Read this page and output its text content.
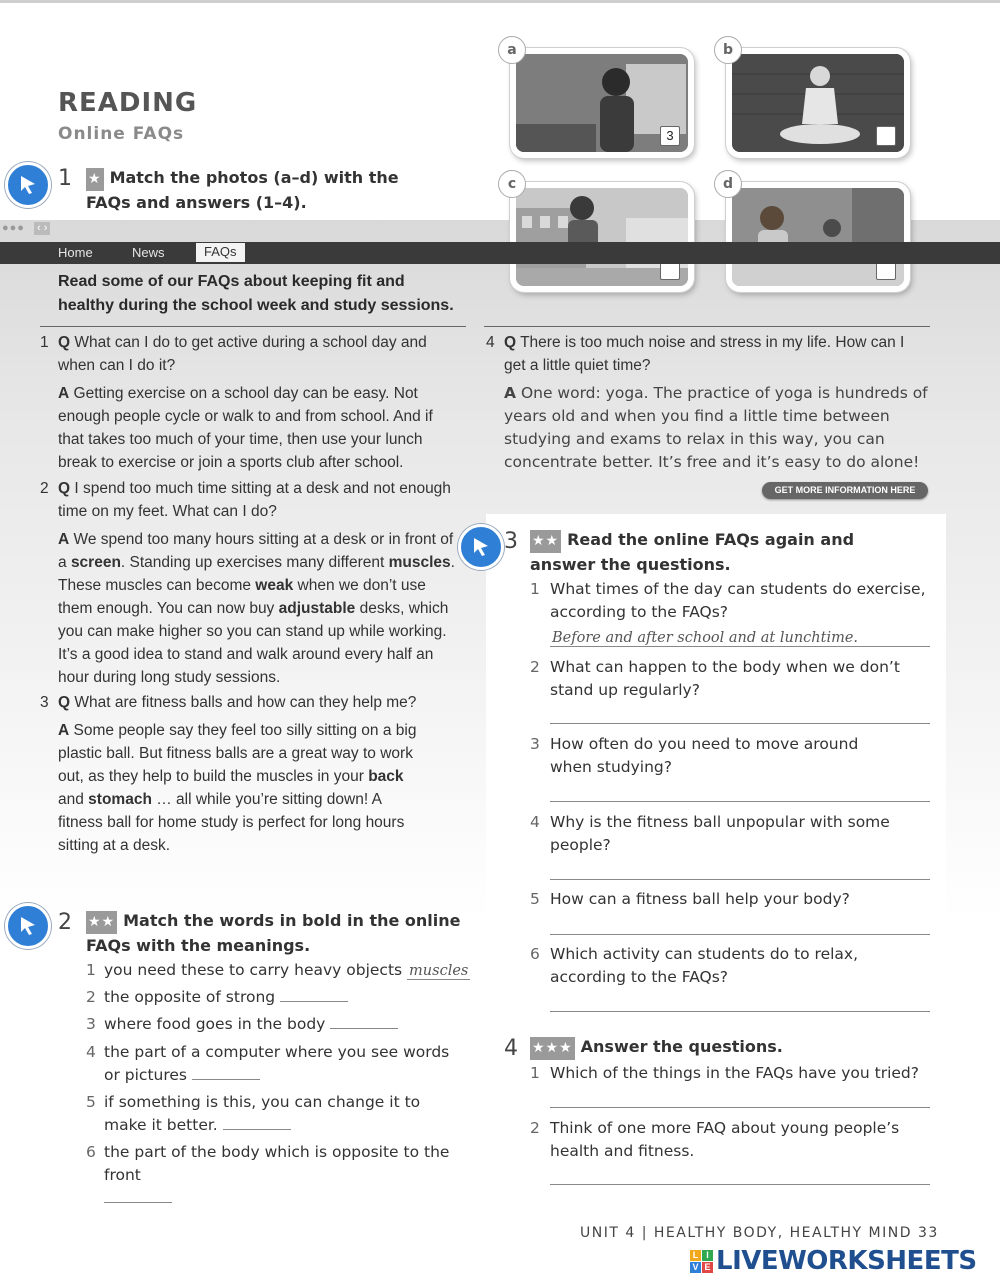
READING
Online FAQs
1 ★ Match the photos (a–d) with the FAQs and answers (1–4).
3
a	b
c	d
●●● ‹ ›
Home	News	FAQs
Read some of our FAQs about keeping fit and healthy during the school week and study sessions.
1 Q What can I do to get active during a school day and when can I do it?
A Getting exercise on a school day can be easy. Not enough people cycle or walk to and from school. And if that takes too much of your time, then use your lunch break to exercise or join a sports club after school.
2 Q I spend too much time sitting at a desk and not enough time on my feet. What can I do?
A We spend too many hours sitting at a desk or in front of a screen. Standing up exercises many different muscles. These muscles can become weak when we don’t use them enough. You can now buy adjustable desks, which you can make higher so you can stand up while working. It’s a good idea to stand and walk around every half an hour during long study sessions.
3 Q What are fitness balls and how can they help me?
A Some people say they feel too silly sitting on a big plastic ball. But fitness balls are a great way to work out, as they help to build the muscles in your back and stomach … all while you’re sitting down! A fitness ball for home study is perfect for long hours sitting at a desk.
4 Q There is too much noise and stress in my life. How can I get a little quiet time?
A One word: yoga. The practice of yoga is hundreds of years old and when you find a little time between studying and exams to relax in this way, you can concentrate better. It’s free and it’s easy to do alone!
GET MORE INFORMATION HERE
3 ★★ Read the online FAQs again and answer the questions.
1 What times of the day can students do exercise, according to the FAQs?
Before and after school and at lunchtime.
2 What can happen to the body when we don’t stand up regularly?
3 How often do you need to move around when studying?
4 Why is the fitness ball unpopular with some people?
5 How can a fitness ball help your body?
6 Which activity can students do to relax, according to the FAQs?
2 ★★ Match the words in bold in the online FAQs with the meanings.
1 you need these to carry heavy objects muscles
2 the opposite of strong
3 where food goes in the body
4 the part of a computer where you see words or pictures
5 if something is this, you can change it to make it better.
6 the part of the body which is opposite to the front

4 ★★★ Answer the questions.
1 Which of the things in the FAQs have you tried?
2 Think of one more FAQ about young people’s health and fitness.
UNIT 4 | HEALTHY BODY, HEALTHY MIND 33
L I
V E LIVEWORKSHEETS
